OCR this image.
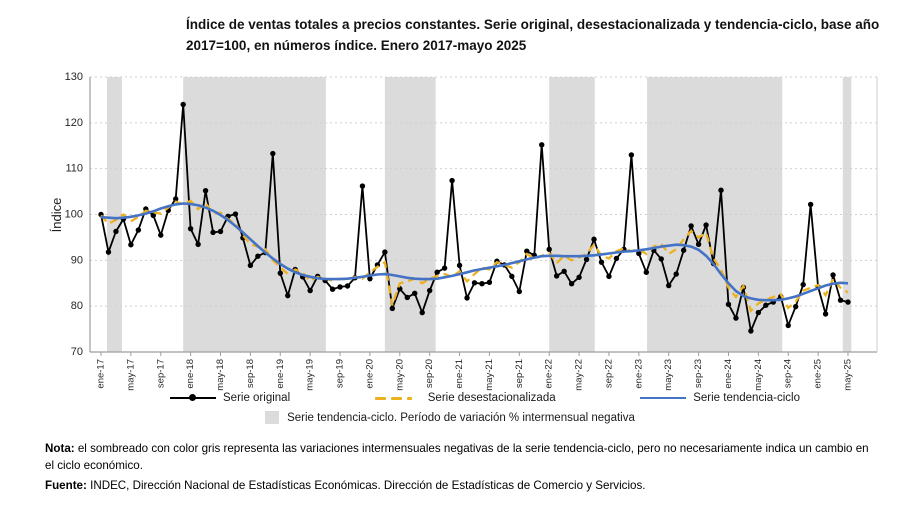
Índice de ventas totales a precios constantes. Serie original, desestacionalizada y tendencia-ciclo, base año 2017=100, en números índice. Enero 2017-mayo 2025
Índice
70
80
90
100
110
120
130
ene-17 may-17 sep-17 ene-18 may-18 sep-18 ene-19 may-19 sep-19 ene-20 may-20 sep-20 ene-21 may-21 sep-21 ene-22 may-22 sep-22 ene-23 may-23 sep-23 ene-24 may-24 sep-24 ene-25 may-25
Serie original	Serie desestacionalizada	Serie tendencia-ciclo
Serie tendencia-ciclo. Período de variación % intermensual negativa
Nota: el sombreado con color gris representa las variaciones intermensuales negativas de la serie tendencia-ciclo, pero no necesariamente indica un cambio en el ciclo económico.
Fuente: INDEC, Dirección Nacional de Estadísticas Económicas. Dirección de Estadísticas de Comercio y Servicios.
